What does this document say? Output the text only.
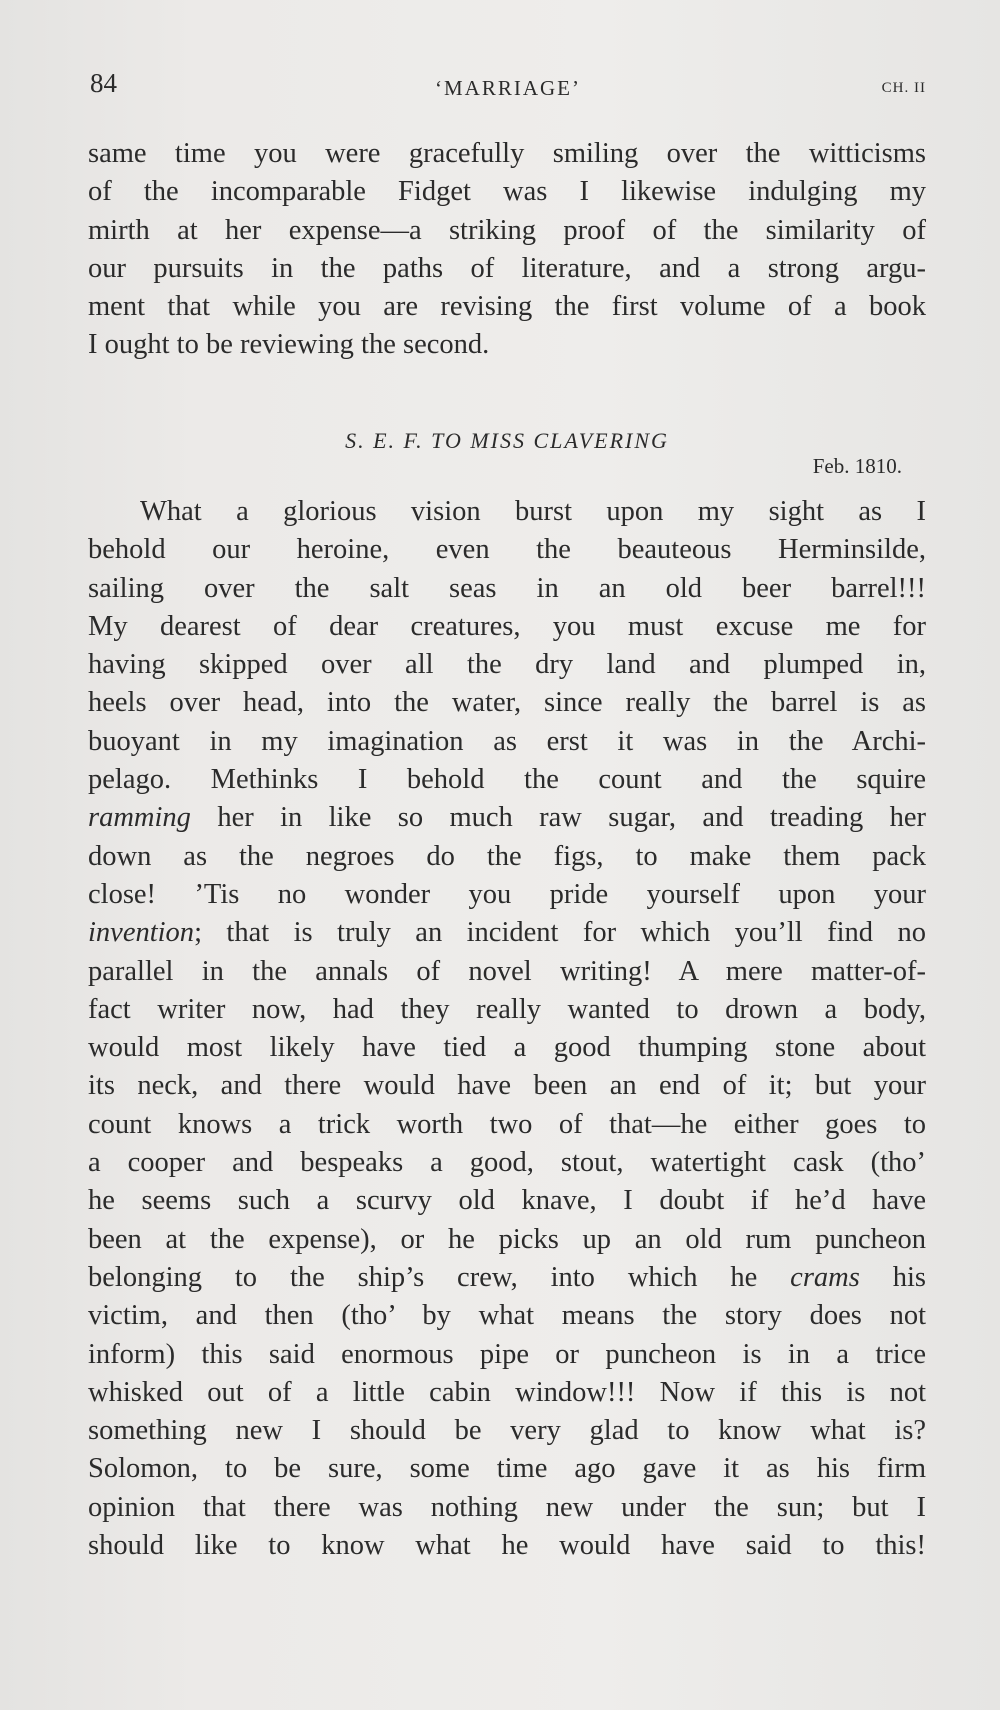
84	‘MARRIAGE’	CH. II
same time you were gracefully smiling over the witticisms
of the incomparable Fidget was I likewise indulging my
mirth at her expense—a striking proof of the similarity of
our pursuits in the paths of literature, and a strong argu-
ment that while you are revising the first volume of a book
I ought to be reviewing the second.
S. E. F. TO MISS CLAVERING
Feb. 1810.
What a glorious vision burst upon my sight as I
behold our heroine, even the beauteous Herminsilde,
sailing over the salt seas in an old beer barrel!!!
My dearest of dear creatures, you must excuse me for
having skipped over all the dry land and plumped in,
heels over head, into the water, since really the barrel is as
buoyant in my imagination as erst it was in the Archi-
pelago. Methinks I behold the count and the squire
ramming her in like so much raw sugar, and treading her
down as the negroes do the figs, to make them pack
close! ’Tis no wonder you pride yourself upon your
invention; that is truly an incident for which you’ll find no
parallel in the annals of novel writing! A mere matter-of-
fact writer now, had they really wanted to drown a body,
would most likely have tied a good thumping stone about
its neck, and there would have been an end of it; but your
count knows a trick worth two of that—he either goes to
a cooper and bespeaks a good, stout, watertight cask (tho’
he seems such a scurvy old knave, I doubt if he’d have
been at the expense), or he picks up an old rum puncheon
belonging to the ship’s crew, into which he crams his
victim, and then (tho’ by what means the story does not
inform) this said enormous pipe or puncheon is in a trice
whisked out of a little cabin window!!! Now if this is not
something new I should be very glad to know what is?
Solomon, to be sure, some time ago gave it as his firm
opinion that there was nothing new under the sun; but I
should like to know what he would have said to this!
